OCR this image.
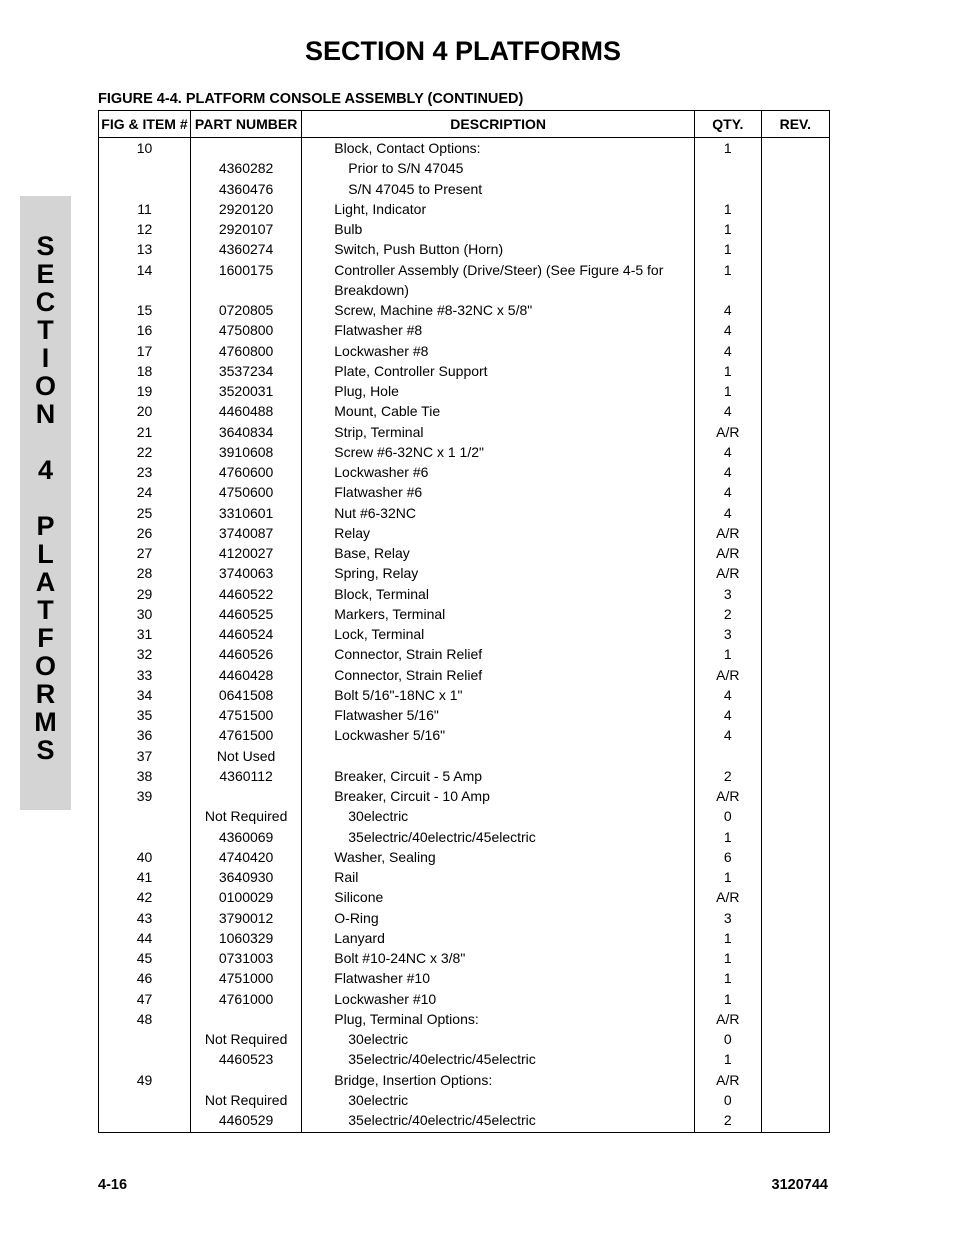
SECTION 4 PLATFORMS
FIGURE 4-4. PLATFORM CONSOLE ASSEMBLY (CONTINUED)
S
E
C
T
I
O
N
4
P
L
A
T
F
O
R
M
S
FIG & ITEM #	PART NUMBER	DESCRIPTION	QTY.	REV.
10		Block, Contact Options:	1	
	4360282	Prior to S/N 47045		
	4360476	S/N 47045 to Present		
11	2920120	Light, Indicator	1	
12	2920107	Bulb	1	
13	4360274	Switch, Push Button (Horn)	1	
14	1600175	Controller Assembly (Drive/Steer) (See Figure 4-5 for	1	
		Breakdown)		
15	0720805	Screw, Machine #8-32NC x 5/8"	4	
16	4750800	Flatwasher #8	4	
17	4760800	Lockwasher #8	4	
18	3537234	Plate, Controller Support	1	
19	3520031	Plug, Hole	1	
20	4460488	Mount, Cable Tie	4	
21	3640834	Strip, Terminal	A/R	
22	3910608	Screw #6-32NC x 1 1/2"	4	
23	4760600	Lockwasher #6	4	
24	4750600	Flatwasher #6	4	
25	3310601	Nut #6-32NC	4	
26	3740087	Relay	A/R	
27	4120027	Base, Relay	A/R	
28	3740063	Spring, Relay	A/R	
29	4460522	Block, Terminal	3	
30	4460525	Markers, Terminal	2	
31	4460524	Lock, Terminal	3	
32	4460526	Connector, Strain Relief	1	
33	4460428	Connector, Strain Relief	A/R	
34	0641508	Bolt 5/16"-18NC x 1"	4	
35	4751500	Flatwasher 5/16"	4	
36	4761500	Lockwasher 5/16"	4	
37	Not Used			
38	4360112	Breaker, Circuit - 5 Amp	2	
39		Breaker, Circuit - 10 Amp	A/R	
	Not Required	30electric	0	
	4360069	35electric/40electric/45electric	1	
40	4740420	Washer, Sealing	6	
41	3640930	Rail	1	
42	0100029	Silicone	A/R	
43	3790012	O-Ring	3	
44	1060329	Lanyard	1	
45	0731003	Bolt #10-24NC x 3/8"	1	
46	4751000	Flatwasher #10	1	
47	4761000	Lockwasher #10	1	
48		Plug, Terminal Options:	A/R	
	Not Required	30electric	0	
	4460523	35electric/40electric/45electric	1	
49		Bridge, Insertion Options:	A/R	
	Not Required	30electric	0	
	4460529	35electric/40electric/45electric	2	
4-16	3120744
